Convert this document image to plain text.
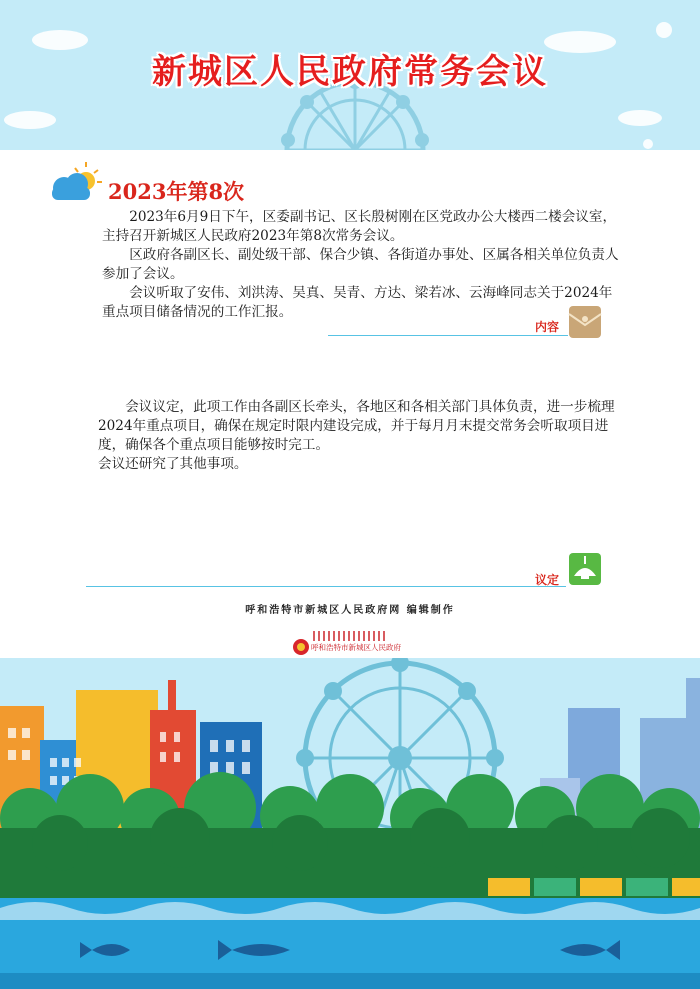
新城区人民政府常务会议
2023年第8次

2023年6月9日下午，区委副书记、区长殷树刚在区党政办公大楼西二楼会议室，主持召开新城区人民政府2023年第8次常务会议。

区政府各副区长、副处级干部、保合少镇、各街道办事处、区属各相关单位负责人参加了会议。

会议听取了安伟、刘洪涛、吴真、吴青、方达、梁若冰、云海峰同志关于2024年重点项目储备情况的工作汇报。

内容

会议议定，此项工作由各副区长牵头，各地区和各相关部门具体负责，进一步梳理2024年重点项目，确保在规定时限内建设完成，并于每月月末提交常务会听取项目进度，确保各个重点项目能够按时完工。

会议还研究了其他事项。

议定
呼和浩特市新城区人民政府网 编辑制作
呼和浩特市新城区人民政府
